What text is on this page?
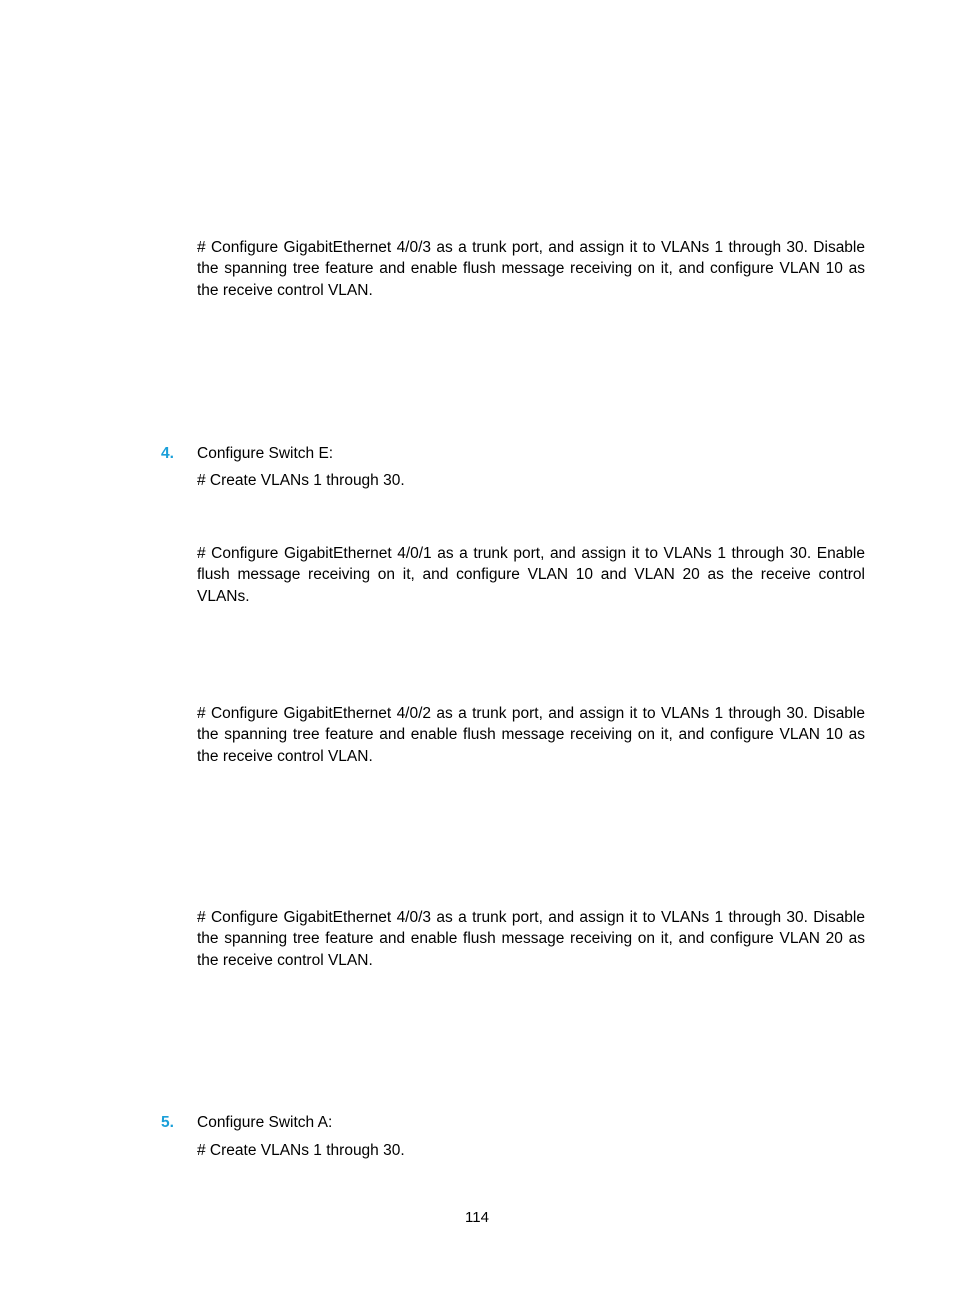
# Configure GigabitEthernet 4/0/3 as a trunk port, and assign it to VLANs 1 through 30. Disable the spanning tree feature and enable flush message receiving on it, and configure VLAN 10 as the receive control VLAN.

4. Configure Switch E:

# Create VLANs 1 through 30.

# Configure GigabitEthernet 4/0/1 as a trunk port, and assign it to VLANs 1 through 30. Enable flush message receiving on it, and configure VLAN 10 and VLAN 20 as the receive control VLANs.

# Configure GigabitEthernet 4/0/2 as a trunk port, and assign it to VLANs 1 through 30. Disable the spanning tree feature and enable flush message receiving on it, and configure VLAN 10 as the receive control VLAN.

# Configure GigabitEthernet 4/0/3 as a trunk port, and assign it to VLANs 1 through 30. Disable the spanning tree feature and enable flush message receiving on it, and configure VLAN 20 as the receive control VLAN.

5. Configure Switch A:

# Create VLANs 1 through 30.

114
